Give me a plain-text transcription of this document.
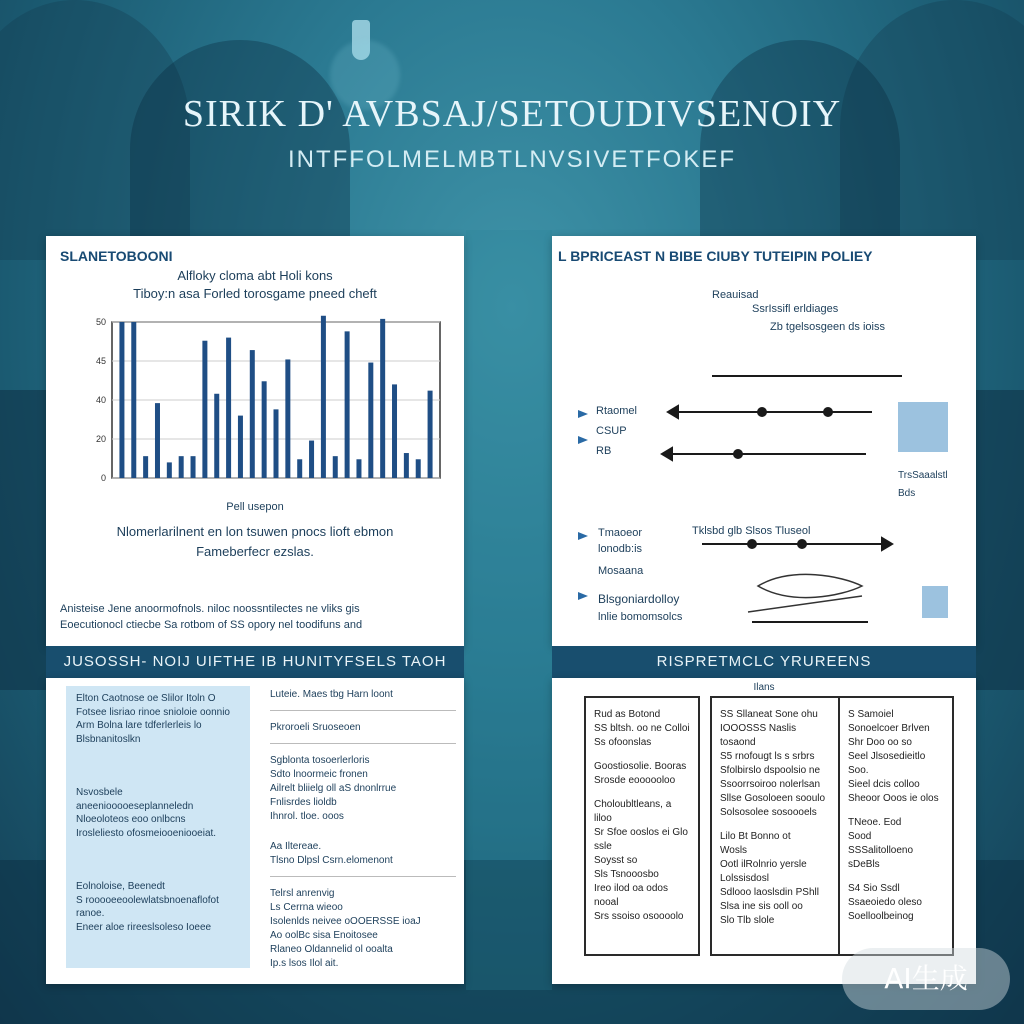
SIRIK D' AVBSAJ/SETOUDIVSENOIY
INTFFOLMELMBTLNVSIVETFOKEF
SLANETOBOONI
Alfloky cloma abt Holi kons
Tiboy:n asa Forled torosgame pneed cheft
0
20
40
45
50
Pell usepon
Nlomerlarilnent en lon tsuwen pnocs lioft ebmon
Fameberfecr ezslas.
Anisteise Jene anoormofnols. niloc noossntilectes ne vliks gis
Eoecutionocl ctiecbe Sa rotbom of SS opory nel toodifuns and
L BPRICEAST N BIBE CIUBY TUTEIPIN POLIEY
Reauisad
SsrIssifl erldiages
Zb tgelsosgeen ds ioiss
Rtaomel
CSUP
RB
TrsSaaalstl
Bds
Tklsbd glb Slsos Tluseol
Tmaoeor
lonodb:is
Mosaana
Blsgoniardolloy
lnlie bomomsolcs
JUSOSSH- NOIJ UIFTHE IB HUNITYFSELS TAOH	RISPRETMCLC YRUREENS
Elton Caotnose oe Slilor Itoln O
Fotsee lisriao rinoe snioloie oonnio
Arm Bolna lare tdferlerleis lo
Blsbnanitoslkn
Nsvosbele aneeniooooeseplanneledn
Nloeoloteos eoo onlbcns
Irosleliesto ofosmeiooeniooeiat.
Eolnoloise, Beenedt
S rooooeeoolewlatsbnoenaflofot
ranoe.
Eneer aloe rireeslsoleso Ioeee
Luteie. Maes tbg Harn loont
Pkroroeli Sruoseoen
Sgblonta tosoerlerloris
Sdto lnoormeic fronen
Ailrelt bliielg oll aS dnonlrrue
Fnlisrdes lioldb
Ihnrol. tloe. ooos
Aa Iltereae.
Tlsno Dlpsl Csrn.elomenont
Telrsl anrenvig
Ls Cerrna wieoo
Isolenlds neivee oOOERSSE ioaJ
Ao oolBc sisa Enoitosee
Rlaneo Oldannelid ol ooalta
Ip.s lsos Ilol ait.
Ilans
Rud as Botond
SS bltsh. oo ne Colloi
Ss ofoonslas
Goostiosolie. Booras
Srosde eoooooloo
Choloubltleans, a liloo
Sr Sfoe ooslos ei Glo
ssle
Soysst so
Sls Tsnooosbo
Ireo ilod oa odos nooal
Srs ssoiso osoooolo
SS Sllaneat Sone ohu
IOOOSSS Naslis tosaond
S5 rnofougt ls s srbrs
Sfolbirslo dspoolsio ne
Ssoorrsoiroo nolerlsan
Sllse Gosoloeen sooulo
Solsosolee sosoooels
Lilo Bt Bonno ot
Wosls
Ootl ilRolnrio yersle
Lolssisdosl
Sdlooo laoslsdin PShll
Slsa ine sis ooll oo
Slo Tlb slole
S Samoiel
Sonoelcoer Brlven
Shr Doo oo so
Seel Jlsosedieitlo
Soo.
Sieel dcis colloo
Sheoor Ooos ie olos
TNeoe. Eod
Sood
SSSalitolloeno
sDeBls
S4 Sio Ssdl
Ssaeoiedo oleso
Soelloolbeinog
AI生成
